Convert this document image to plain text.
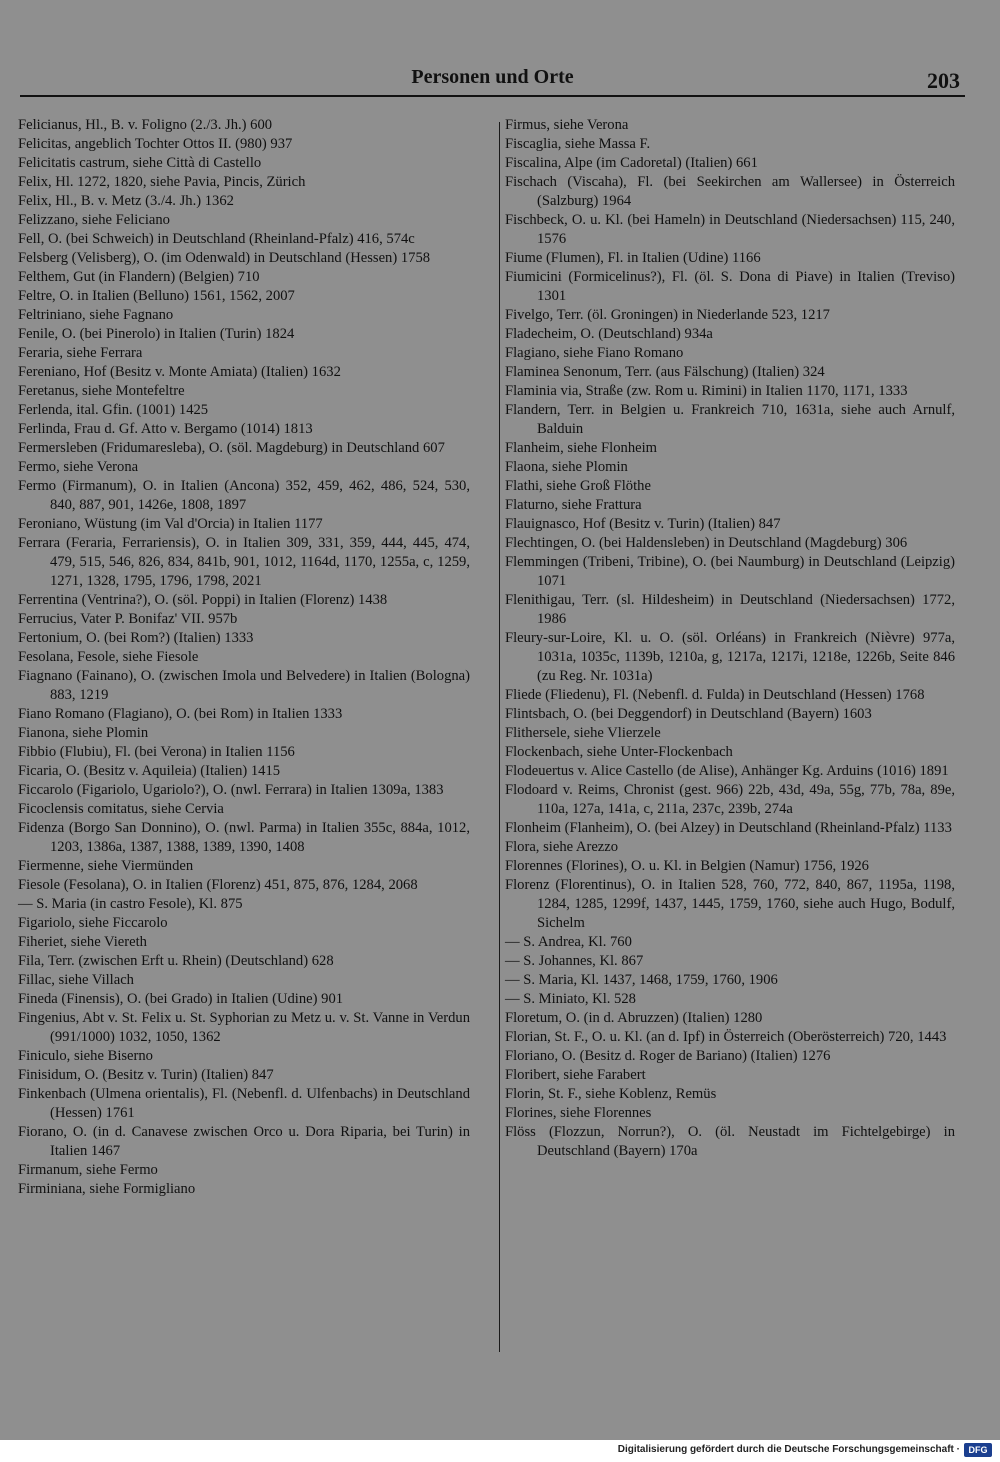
Personen und Orte	203

Felicianus, Hl., B. v. Foligno (2./3. Jh.) 600

Felicitas, angeblich Tochter Ottos II. (980) 937

Felicitatis castrum, siehe Città di Castello

Felix, Hl. 1272, 1820, siehe Pavia, Pincis, Zürich

Felix, Hl., B. v. Metz (3./4. Jh.) 1362

Felizzano, siehe Feliciano

Fell, O. (bei Schweich) in Deutschland (Rheinland-Pfalz) 416, 574c

Felsberg (Velisberg), O. (im Odenwald) in Deutschland (Hessen) 1758

Felthem, Gut (in Flandern) (Belgien) 710

Feltre, O. in Italien (Belluno) 1561, 1562, 2007

Feltriniano, siehe Fagnano

Fenile, O. (bei Pinerolo) in Italien (Turin) 1824

Feraria, siehe Ferrara

Fereniano, Hof (Besitz v. Monte Amiata) (Italien) 1632

Feretanus, siehe Montefeltre

Ferlenda, ital. Gfin. (1001) 1425

Ferlinda, Frau d. Gf. Atto v. Bergamo (1014) 1813

Fermersleben (Fridumaresleba), O. (söl. Magdeburg) in Deutschland 607

Fermo, siehe Verona

Fermo (Firmanum), O. in Italien (Ancona) 352, 459, 462, 486, 524, 530, 840, 887, 901, 1426e, 1808, 1897

Feroniano, Wüstung (im Val d'Orcia) in Italien 1177

Ferrara (Feraria, Ferrariensis), O. in Italien 309, 331, 359, 444, 445, 474, 479, 515, 546, 826, 834, 841b, 901, 1012, 1164d, 1170, 1255a, c, 1259, 1271, 1328, 1795, 1796, 1798, 2021

Ferrentina (Ventrina?), O. (söl. Poppi) in Italien (Florenz) 1438

Ferrucius, Vater P. Bonifaz' VII. 957b

Fertonium, O. (bei Rom?) (Italien) 1333

Fesolana, Fesole, siehe Fiesole

Fiagnano (Fainano), O. (zwischen Imola und Belvedere) in Italien (Bologna) 883, 1219

Fiano Romano (Flagiano), O. (bei Rom) in Italien 1333

Fianona, siehe Plomin

Fibbio (Flubiu), Fl. (bei Verona) in Italien 1156

Ficaria, O. (Besitz v. Aquileia) (Italien) 1415

Ficcarolo (Figariolo, Ugariolo?), O. (nwl. Ferrara) in Italien 1309a, 1383

Ficoclensis comitatus, siehe Cervia

Fidenza (Borgo San Donnino), O. (nwl. Parma) in Italien 355c, 884a, 1012, 1203, 1386a, 1387, 1388, 1389, 1390, 1408

Fiermenne, siehe Viermünden

Fiesole (Fesolana), O. in Italien (Florenz) 451, 875, 876, 1284, 2068

— S. Maria (in castro Fesole), Kl. 875

Figariolo, siehe Ficcarolo

Fiheriet, siehe Viereth

Fila, Terr. (zwischen Erft u. Rhein) (Deutschland) 628

Fillac, siehe Villach

Fineda (Finensis), O. (bei Grado) in Italien (Udine) 901

Fingenius, Abt v. St. Felix u. St. Syphorian zu Metz u. v. St. Vanne in Verdun (991/1000) 1032, 1050, 1362

Finiculo, siehe Biserno

Finisidum, O. (Besitz v. Turin) (Italien) 847

Finkenbach (Ulmena orientalis), Fl. (Nebenfl. d. Ulfenbachs) in Deutschland (Hessen) 1761

Fiorano, O. (in d. Canavese zwischen Orco u. Dora Riparia, bei Turin) in Italien 1467

Firmanum, siehe Fermo

Firminiana, siehe Formigliano

Firmus, siehe Verona

Fiscaglia, siehe Massa F.

Fiscalina, Alpe (im Cadoretal) (Italien) 661

Fischach (Viscaha), Fl. (bei Seekirchen am Wallersee) in Österreich (Salzburg) 1964

Fischbeck, O. u. Kl. (bei Hameln) in Deutschland (Niedersachsen) 115, 240, 1576

Fiume (Flumen), Fl. in Italien (Udine) 1166

Fiumicini (Formicelinus?), Fl. (öl. S. Dona di Piave) in Italien (Treviso) 1301

Fivelgo, Terr. (öl. Groningen) in Niederlande 523, 1217

Fladecheim, O. (Deutschland) 934a

Flagiano, siehe Fiano Romano

Flaminea Senonum, Terr. (aus Fälschung) (Italien) 324

Flaminia via, Straße (zw. Rom u. Rimini) in Italien 1170, 1171, 1333

Flandern, Terr. in Belgien u. Frankreich 710, 1631a, siehe auch Arnulf, Balduin

Flanheim, siehe Flonheim

Flaona, siehe Plomin

Flathi, siehe Groß Flöthe

Flaturno, siehe Frattura

Flauignasco, Hof (Besitz v. Turin) (Italien) 847

Flechtingen, O. (bei Haldensleben) in Deutschland (Magdeburg) 306

Flemmingen (Tribeni, Tribine), O. (bei Naumburg) in Deutschland (Leipzig) 1071

Flenithigau, Terr. (sl. Hildesheim) in Deutschland (Niedersachsen) 1772, 1986

Fleury-sur-Loire, Kl. u. O. (söl. Orléans) in Frankreich (Nièvre) 977a, 1031a, 1035c, 1139b, 1210a, g, 1217a, 1217i, 1218e, 1226b, Seite 846 (zu Reg. Nr. 1031a)

Fliede (Fliedenu), Fl. (Nebenfl. d. Fulda) in Deutschland (Hessen) 1768

Flintsbach, O. (bei Deggendorf) in Deutschland (Bayern) 1603

Flithersele, siehe Vlierzele

Flockenbach, siehe Unter-Flockenbach

Flodeuertus v. Alice Castello (de Alise), Anhänger Kg. Arduins (1016) 1891

Flodoard v. Reims, Chronist (gest. 966) 22b, 43d, 49a, 55g, 77b, 78a, 89e, 110a, 127a, 141a, c, 211a, 237c, 239b, 274a

Flonheim (Flanheim), O. (bei Alzey) in Deutschland (Rheinland-Pfalz) 1133

Flora, siehe Arezzo

Florennes (Florines), O. u. Kl. in Belgien (Namur) 1756, 1926

Florenz (Florentinus), O. in Italien 528, 760, 772, 840, 867, 1195a, 1198, 1284, 1285, 1299f, 1437, 1445, 1759, 1760, siehe auch Hugo, Bodulf, Sichelm

— S. Andrea, Kl. 760

— S. Johannes, Kl. 867

— S. Maria, Kl. 1437, 1468, 1759, 1760, 1906

— S. Miniato, Kl. 528

Floretum, O. (in d. Abruzzen) (Italien) 1280

Florian, St. F., O. u. Kl. (an d. Ipf) in Österreich (Oberösterreich) 720, 1443

Floriano, O. (Besitz d. Roger de Bariano) (Italien) 1276

Floribert, siehe Farabert

Florin, St. F., siehe Koblenz, Remüs

Florines, siehe Florennes

Flöss (Flozzun, Norrun?), O. (öl. Neustadt im Fichtelgebirge) in Deutschland (Bayern) 170a

Digitalisierung gefördert durch die Deutsche Forschungsgemeinschaft · DFG
